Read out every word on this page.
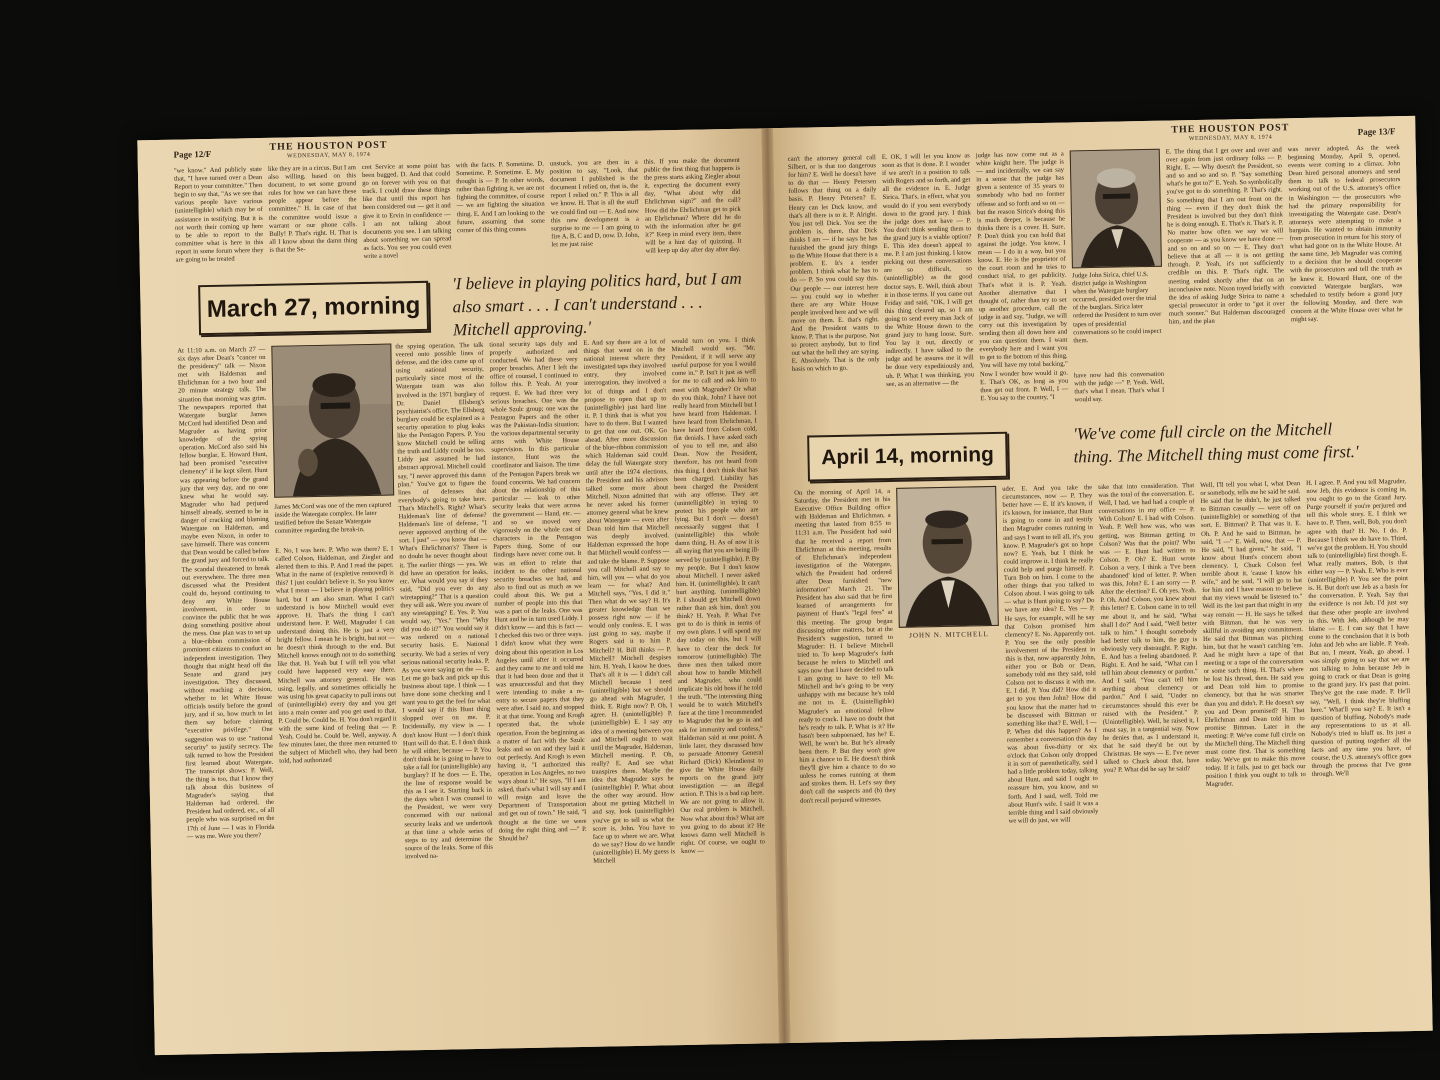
Page 12/F
THE HOUSTON POST
WEDNESDAY, MAY 8, 1974
"we know." And publicly state that, "I have turned over a Dean Report to your committee." Then begin to say that, "As we see that various people have various (unintelligible) which may be of assistance in testifying. But it is not worth their coming up here to be able to report to the committee what is here in this report in some forum where they are going to be treated
like they are in a circus. But I am also willing, based on this document, to set some ground rules for how we can have these people appear before the committee." H. In case of that the committee would issue a warrant or our phone calls. Bully! P. That's right. H. That is all I know about the damn thing is that the Se-
cret Service at some point has been bugged. D. And that could go on forever with you on that track. I could draw these things like that until this report has been considered out — get it and give it to Ervin in confidence — I am not talking about documents you see. I am talking about something we can spread as facts. You see you could even write a novel
with the facts. P. Sometime. D. Sometime. P. Sometime. E. My thought is — P. In other words, rather than fighting it, we are not fighting the committee, of course — we are fighting the situation thing. E. And I am looking to the future, assuming that some corner of this thing comes
unstuck, you are then in a position to say, "Look, that document I published is the document I relied on, that is, the report I relied on." P. This is all we know. H. That is all the stuff we could find out — E. And now this new development is a surprise to me — I am going to fire A, B, C and D, now. D. John, let me just raise
this. If you make the document public the first thing that happens is the press starts asking Ziegler about it, expecting the document every day, "What about why did Ehrlichman sign?" and the call? How did the Ehrlichman get to pick an Ehrlichman? Where did he do with the information after he got it?" Keep in mind every item, there will be a hint day of quizzing. It will keep up day after day after day.
March 27, morning
'I believe in playing politics hard, but I am also smart . . . I can't understand . . . Mitchell approving.'
At 11:10 a.m. on March 27 — six days after Dean's "cancer on the presidency" talk — Nixon met with Haldeman and Ehrlichman for a two hour and 20 minute strategy talk. The situation that morning was grim. The newspapers reported that Watergate burglar James McCord had identified Dean and Magruder as having prior knowledge of the spying operation. McCord also said his fellow burglar, E. Howard Hunt, had been promised "executive clemency" if he kept silent. Hunt was appearing before the grand jury that very day, and no one knew what he would say. Magruder who had perjured himself already, seemed to be in danger of cracking and blaming Watergate on Haldeman, and maybe even Nixon, in order to save himself. There was concern that Dean would be called before the grand jury and forced to talk. The scandal threatened to break out everywhere. The three men discussed what the President could do, beyond continuing to deny any White House involvement, in order to convince the public that he was doing something positive about the mess. One plan was to set up a blue-ribbon commission of prominent citizens to conduct an independent investigation. They thought that might head off the Senate and grand jury investigation. They discussed, without reaching a decision, whether to let White House officials testify before the grand jury, and if so, how much to let them say before claiming "executive privilege." One suggestion was to use "national security" to justify secrecy. The talk turned to how the President first learned about Watergate. The transcript shows: P. Well, the thing is too, that I know they talk about this business of Magruder's saying that Haldeman had ordered, the President had ordered, etc., of all people who was surprised on the 17th of June — I was in Florida — was me. Were you there?
James McCord was one of the men captured inside the Watergate complex. He later testified before the Senate Watergate committee regarding the break-in.
E. No, I was here. P. Who was there? E. I called Colson, Haldeman, and Ziegler and alerted them to this. P. And I read the paper. What in the name of (expletive removed) is this? I just couldn't believe it. So you know what I mean — I believe in playing politics hard, but I am also smart. What I can't understand is how Mitchell would ever approve. H. That's the thing I can't understand here. P. Well, Magruder I can understand doing this. He is just a very bright fellow. I mean he is bright, but not — he doesn't think through to the end. But Mitchell knows enough not to do something like that. H. Yeah but I will tell you what could have happened very easy there. Mitchell was attorney general. He was using, legally, and sometimes officially he was using his great capacity to pull irons out of (unintelligible) every day and you get into a main center and you get used to that. P. Could be. Could be. H. You don't regard it with the same kind of feeling that — P. Yeah. Could be. Could be. Well, anyway. A few minutes later, the three men returned to the subject of Mitchell who, they had been told, had authorized
the spying operation. The talk veered onto possible lines of defense, and the idea came up of using national security, particularly since most of the Watergate team was also involved in the 1971 burglary of Dr. Daniel Ellsberg's psychiatrist's office. The Ellsberg burglary could be explained as a security operation to plug leaks like the Pentagon Papers. P. You know Mitchell could be telling the truth and Liddy could be too. Liddy just assumed he had abstract approval. Mitchell could say, "I never approved this damn plan." You've got to figure the lines of defenses that everybody's going to take here. That's Mitchell's. Right? What's Haldeman's line of defense? Haldeman's line of defense, "I never approved anything of the sort. I just" — you know that — What's Ehrlichman's? There is no doubt he never thought about it. The earlier things — yes. We did have an operation for leaks, etc. What would you say if they said, "Did you ever do any wiretapping?" That is a question they will ask. Were you aware of any wiretapping? E. Yes. P. You would say, "Yes." Then "Why did you do it?" You would say it was ordered on a national security basis. E. National security. We had a series of very serious national security leaks. P. As you were saying on the — E. Let me go back and pick up this business about tape. I think — I have done some checking and I want you to get the feel for what I would say if this Hunt thing slopped over on me. P. Incidentally, my view is — I don't know Hunt — I don't think Hunt will do that. E. I don't think he will either, because — P. You don't think he is going to have to take a fall for (unintelligible) any burglary? If he does — E. The, the line of response would be this as I see it. Starting back in the days when I was counsel to the President, we were very concerned with our national security leaks and we undertook at that time a whole series of steps to try and determine the source of the leaks. Some of this involved na-
tional security taps duly and properly authorized and conducted. We had these very proper breaches. After I left the office of counsel, I continued to follow this. P. Yeah. At your request. E. We had three very serious breaches. One was the whole Szulc group; one was the Pentagon Papers and the other was the Pakistan-India situation; the various departmental security arms with White House supervision. In this particular instance, Hunt was the coordinator and liaison. The time of the Pentagon Papers break we found concerns. We had concern about the relationship of this particular — leak to other security leaks that were across the government — Hand, etc. — and so we moved very vigorously on the whole cast of characters in the Pentagon Papers thing. Some of our findings have never come out. It was an effort to relate that incident to the other national security breaches we had, and also to find out as much as we could about this. We put a number of people into this that was a part of the leaks. One was Hunt and he in turn used Liddy. I didn't know — and this is fact — I checked this two or three ways. I didn't know what they were doing about this operation in Los Angeles until after it occurred and they came to me and told me that it had been done and that it was unsuccessful and that they were intending to make a re-entry to secure papers that they were after. I said no, and stopped it at that time. Young and Krogh operated that, the whole operation. From the beginning as a matter of fact with the Szulc leaks and so on and they laid it out perfectly. And Krogh is even having it, "I authorized this operation in Los Angeles, no two ways about it." He says, "If I am asked, that's what I will say and I will resign and leave the Department of Transportation and get out of town." He said, "I thought at the time we were doing the right thing and —" P. Should he?
E. And say there are a lot of things that went on in the national interest where they investigated taps they involved entry, they involved interrogation, they involved a lot of things and I don't propose to open that up to (unintelligible) just hard line it. P. I think that is what you have to do there. But I wanted to get that one out. OK. Go ahead. After more discussion of the blue-ribbon commission which Haldeman said could delay the full Watergate story until after the 1974 elections, the President and his advisors talked some more about Mitchell. Nixon admitted that he never asked his former attorney general what he knew about Watergate — even after Dean told him that Mitchell was deeply involved. Haldeman expressed the hope that Mitchell would confess — and take the blame. P. Suppose you call Mitchell and say to him, will you — what do you learn — for what? And Mitchell says, "Yes, I did it." Then what do we say? H. It's greater knowledge than we possess right now — if he would only confess. E. I was just going to say, maybe if Rogers said it to him P. Mitchell? H. Bill thinks — P. Mitchell? Mitchell despises him. H. Yeah, I know he does. That's all it is — I didn't call Mitchell because I need (unintelligible) but we should go ahead with Magruder, I think. E. Right now? P. Oh, I agree. H. (unintelligible) P. (unintelligible) E. I say any idea of a meeting between you and Mitchell ought to wait until the Magruder, Haldeman, Mitchell meeting. P. Oh, really? E. And see what transpires there. Maybe the idea that Magruder says he (unintelligible) P. What about the other way around. How about me getting Mitchell in and say, look (unintelligible) you've got to tell us what the score is, John. You have to face up to where we are. What do we say? How do we handle (unintelligible) H. My guess is Mitchell
would turn on you. I think Mitchell would say, "Mr. President, if it will serve any useful purpose for you I would come in." P. Isn't it just as well for me to call and ask him to meet with Magruder? Or what do you think, John? I have not really heard from Mitchell but I have heard from Haldeman. I have heard from Ehrlichman, I have heard from Colson cold, flat denials. I have asked each of you to tell me, and also Dean. Now the President, therefore, has not heard from this thing. I don't think that has been charged. Liability has been charged the President with any offense. They are (unintelligible) in trying to protect his people who are lying. But I don't — doesn't necessarily suggest that I (unintelligible) this whole damn thing. H. As of now it is all saying that you are being ill-served by (unintelligible). P. By my people. But I don't know about Mitchell. I never asked him. H. (unintelligible). It can't hurt anything. (unintelligible) P. I should get Mitchell down rather than ask him, don't you think? H. Yeah. P. What I've got to do is think in terms of my own plans. I will spend my day today on this, but I will have to clear the deck for tomorrow (unintelligible) The three men then talked more about how to handle Mitchell and Magruder, who could implicate his old boss if he told the truth. "The interesting thing would be to watch Mitchell's face at the time I recommended to Magruder that he go in and ask for immunity and confess," Haldeman said at one point. A little later, they discussed how to persuade Attorney General Richard (Dick) Kleindienst to give the White House daily reports on the grand jury investigation — an illegal action. P. This is a bad rap here. We are not going to allow it. Our real problem is Mitchell. Now what about this? What are you going to do about it? He knows damn well Mitchell is right. Of course, we ought to know —
THE HOUSTON POST
WEDNESDAY, MAY 8, 1974
Page 13/F
can't the attorney general call Silbert, or is that too dangerous for him? E. Well he doesn't have to do that — Henry Petersen follows that thing on a daily basis. P. Henry Petersen? E. Henry can let Dick know, and that's all there is to it. P. Alright. You just tell Dick. You see the problem is, there, that Dick thinks I am — if he says he has furnished the grand jury things to the White House that there is a problem. E. It's a tender problem. I think what he has to do — P. So you could say this. Our people — our interest here — you could say in whether there are any White House people involved here and we will move on them. E. that's right. And the President wants to know. P. That is the purpose. Not to protect anybody, but to find out what the hell they are saying. E. Absolutely. That is the only basis on which to go.
E. OK, I will let you know as soon as that is done. P. I wonder if we aren't in a position to talk with Rogers and so forth, and get all the evidence in. E. Judge Sirica. That's, in effect, what you would do if you sent everybody down to the grand jury. I think the judge does not have — P. You don't think sending them to the grand jury is a viable option? E. This idea doesn't appeal to me. P. I am just thinking. I know picking out these conversations are so difficult, so (unintelligible) as the good doctor says. E. Well, think about it in those terms. If you came out Friday and said, "OK, I will get this thing cleared up, so I am going to send every man Jack of the White House down to the grand jury to hang loose. Sure. You lay it out, directly or indirectly. I have talked to the judge and he assures me it will be done very expeditiously and, uh. P. What I was thinking, you see, as an alternative — the
judge has now come out as a white knight here. The judge is — and incidentally, we can say in a sense that the judge has given a sentence of 35 years to somebody who had no former offense and so forth and so on — but the reason Sirica's doing this is much deeper, is because he thinks there is a cover. H. Sure. P. Don't think you can hold that against the judge. You know, I mean — I do in a way, but you know. E. He is the proprietor of the court room and he tries to conduct trial, to get publicity. That's what it is. P. Yeah. Another alternative that I thought of, rather than try to set up another procedure, call the judge in and say, "Judge, we will carry out this investigation by sending them all down here and you can question them. I want everybody here and I want you to get to the bottom of this thing. You will have my total backing." Now I wonder how would it go. E. That's OK, as long as you then get out front. P. Well, I — E. You say to the country, "I
Judge John Sirica, chief U.S. district judge in Washington when the Watergate burglary occurred, presided over the trial of the burglars. Sirica later ordered the President to turn over tapes of presidential conversations so he could inspect them.
have now had this conversation with the judge —" P. Yeah. Well, that's what I mean. That's what I would say.
E. The thing that I get over and over and over again from just ordinary folks — P. Right. E. — Why doesn't the President, so and so and so and so. P. "Say something what's he got to?" E. Yeah. So symbolically you've got to do something. P. That's right. So something that I am out front on the thing — even if they don't think the President is involved but they don't think he is doing enough. E. That's it. That's it. P. No matter how often we say we will cooperate — as you know we have done — and so on and so on — E. They don't believe that at all — it is not getting through. P. Yeah, it's not sufficiently credible on this. P. That's right. The meeting ended shortly after that on an inconclusive note. Nixon toyed briefly with the idea of asking Judge Sirica to name a special prosecutor in order to "get it over much sooner." But Haldeman discouraged him, and the plan
was never adopted. As the week beginning Monday, April 9, opened, events were coming to a climax. John Dean hired personal attorneys and send them to talk to federal prosecutors working out of the U.S. attorney's office in Washington — the prosecutors who had the primary responsibility for investigating the Watergate case. Dean's attorneys were attempting to make a bargain. He wanted to obtain immunity from prosecution in return for his story of what had gone on in the White House. At the same time, Jeb Magruder was coming to a decision that he should cooperate with the prosecutors and tell the truth as he knew it. Howard Hunt, one of the convicted Watergate burglars, was scheduled to testify before a grand jury the following Monday, and there was concern at the White House over what he might say.
April 14, morning
'We've come full circle on the Mitchell thing. The Mitchell thing must come first.'
On the morning of April 14, a Saturday, the President met in his Executive Office Building office with Haldeman and Ehrlichman, a meeting that lasted from 8:55 to 11:31 a.m. The President had said that he received a report from Ehrlichman at this meeting, results of Ehrlichman's independent investigation of the Watergate, which the President had ordered after Dean furnished "new information" March 21. The President has also said that he first learned of arrangements for payment of Hunt's "legal fees" at this meeting. The group began discussing other matters, but at the President's suggestion, turned to Magruder: H. I believe Mitchell tried to. To keep Magruder's faith because he refers to Mitchell and says now that I have decided to talk I am going to have to tell Mr. Mitchell and he's going to be very unhappy with me because he's told me not to. E. (Unintelligible) Magruder's an emotional fellow ready to crack. I have no doubt that he's ready to talk. P. What is it? He hasn't been subpoenaed, has he? E. Well, he won't be. But he's already been there. P. But they won't give him a chance to E. He doesn't think they'll give him a chance to do so unless he comes running at them and strokes them. H. Let's say they don't call the suspects and (b) they don't recall perjured witnesses.
JOHN N. MITCHELL
uder. E. And you take the circumstances, now — P. They better have — E. If it's known, if it's known, for instance, that Hunt is going to come in and testify then Magruder comes running in and says I want to tell all, it's, you know. P. Magruder's got no hope now? E. Yeah, but I think he could improve it. I think he really could help and purge himself. P. Turn Bob on him. I come to the other things that you talked to Colson about. I was going to talk — what is Hunt going to say? Do we have any idea? E. Yes — P. He says, for example, will he say that Colson promised him clemency? E. No. Apparently not. P. You see the only possible involvement of the President in this is that, now apparently John, either you or Bob or Dean, somebody told me they said, told Colson not to discuss it with me. E. I did. P. You did? How did it get to you then John? How did you know that the matter had to be discussed with Bittman or something like that? E. Well, I — P. When did this happen? As I remember a conversation this day was about five-thirty or six o'clock that Colson only dropped it in sort of parenthetically, said I had a little problem today, talking about Hunt, and said I ought to reassure him, you know, and so forth. And I said, well. Told me about Hunt's wife. I said it was a terrible thing and I said obviously we will do just, we will
take that into consideration. That was the total of the conversation. E. Well, I had, we had had a couple of conversations in my office — P. With Colson? E. I had with Colson. Yeah. P. Well how was, who was getting, was Bittman getting to Colson? Was that the point? Who was — E. Hunt had written to Colson. P. Oh? E. Hunt wrote Colson a very, I think a 'I've been abandoned' kind of letter. P. When was this, John? E. I am sorry — P. After the election? E. Oh yes. Yeah. P. Oh. And Colson, you knew about this letter? E. Colson came in to tell me about it, and he said, "What shall I do?" And I said, "Well better talk to him." I thought somebody had better talk to him, the guy is obviously very distraught. P. Right. E. And has a feeling abandoned. P. Right. E. And he said, "What can I tell him about clemency or pardon." And I said, "You can't tell him anything about clemency or pardon." And I said, "Under no circumstances should this ever be raised with the President." P. (Unintelligible). Well, he raised it, I must say, in a tangential way. Now he denies that, as I understand it, that he said they'd be out by Christmas. He says — E. I've never talked to Chuck about that, have you? P. What did he say he said?
Well, I'll tell you what I, what Dean or somebody, tells me he said he said. He said that he didn't, he just talked to Bittman casually — were off on (unintelligible) or something of that sort. E. Bittman? P. That was it. E. Oh. P. And he said to Bittman, he said, "I —" E. Well, now, that — P. He said, "I had given," he said, "I know about Hunt's concern about clemency. I, Chuck Colson feel terrible about it, 'cause I know his wife," and he said, "I will go to bat for him and I have reason to believe that my views would be listened to." Well its the last part that might in any way remain — H. He says he talked with Bittman, that he was very skillful in avoiding any commitment. He said that Bittman was pitching him, but that he wasn't catching 'em. And he might have a tape of that meeting or a tape of the conversation or some such thing. H. That's where he lost his thread, then. He said you and Dean told him to promise clemency, but that he was smarter than you and didn't. P. He doesn't say you and Dean promised? H. That Ehrlichman and Dean told him to promise Bittman. Later in the meeting: P. We've come full circle on the Mitchell thing. The Mitchell thing must come first. That is something today. We've got to make this move today. If it fails, just to get back our position I think you ought to talk to Magruder.
H. I agree. P. And you tell Magruder, now Jeb, this evidence is coming in, you ought to go to the Grand Jury. Purge yourself if you're perjured and tell this whole story. E. I think we have to. P. Then, well, Bob, you don't agree with that? H. No, I do. P. Because I think we do have to. Third, we've got the problem. H. You should talk to (unintelligible) first though. E. What really matters, Bob, is that either way — P. Yeah. E. Who is ever (unintelligible) P. You see the point is. H. But don't use Jeb as a basis for the conversation. P. Yeah. Say that the evidence is not Jeb. I'd just say that these other people are involved in this. With Jeb, although he may blame — E. I can say that I have come to the conclusion that it is both John and Jeb who are liable. P. Yeah. But no, I meant, Yeah, go ahead. I was simply going to say that we are not talking to John because Jeb is going to crack or that Dean is going to the grand jury. It's past that point. They've got the case made. P. He'll say, "Well, I think they're bluffing here." What'll you say? E. It isn't a question of bluffing. Nobody's made any representations to us at all. Nobody's tried to bluff us. Its just a question of putting together all the facts and any time you have, of course, the U.S. attorney's office goes through the process that I've gone through. We'll
